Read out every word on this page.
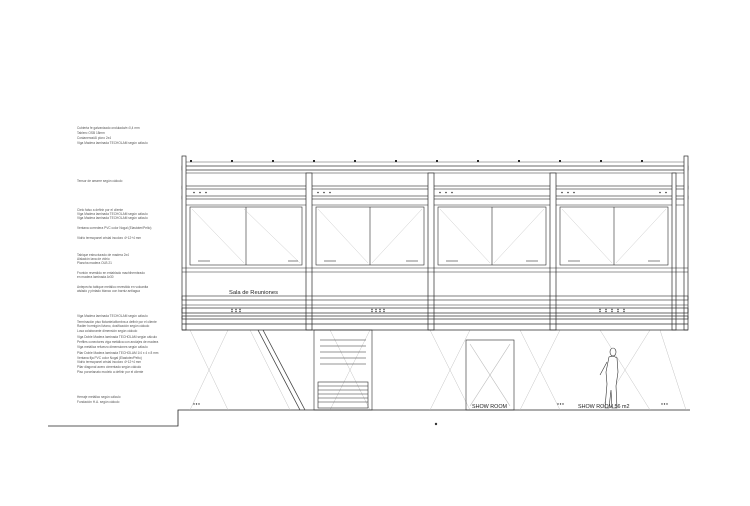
Cubierta fe galvanizado ondulado/e=0,4 mm
Tablero OSB 18mm
Costaneras/Al ploro 2x4
Viga Madera laminada TECHOLAM según cálculo
Tensor de amarre según cálculo
Cielo falso a definir por el cliente
Viga Madera laminada TECHOLAM según cálculo
Viga Madera laminada TECHOLAM según cálculo
Ventana corredera PVC color Nogal (Elastoter/Pelto)
Vidrio termopanel cristal incoloro 4+12+4 mm
Tabique estructurado de madera 2x4
Aislación lana de vidrio
Plancha madera OLB 21
Frontón revestido en entablado machihembrado
en madera laminada Ar30
Antepecho tabique metálico revestido en volcanita
aislado y pintado blanco con barniz antiagua
Viga Madera laminada TECHOLAM según cálculo
Terminación piso flotante/alfombra a definir por el cliente
Radier hormigón liviano, dosificación según cálculo
Losa colaborante dimensión según cálculo
Viga Doble Madera laminada TECHOLAM según cálculo
Perfiles conectores viga metálica con anclajes de madera
Viga metálica refuerzo dimensiones según cálculo
Pilar Doble Madera laminada TECHOLAM 1/4 x 4 x 8 mm
Ventana fija PVC color Nogal (Elastoter/Pelto)
Vidrio termopanel cristal incoloro 4+12+4 mm
Pilar diagonal acero cimentado según cálculo
Piso porcelanato modelo a definir por el cliente
Herraje metálico según cálculo
Fundación H.A. según cálculo
Sala de Reuniones
SHOW ROOM	SHOW ROOM 56 m2
